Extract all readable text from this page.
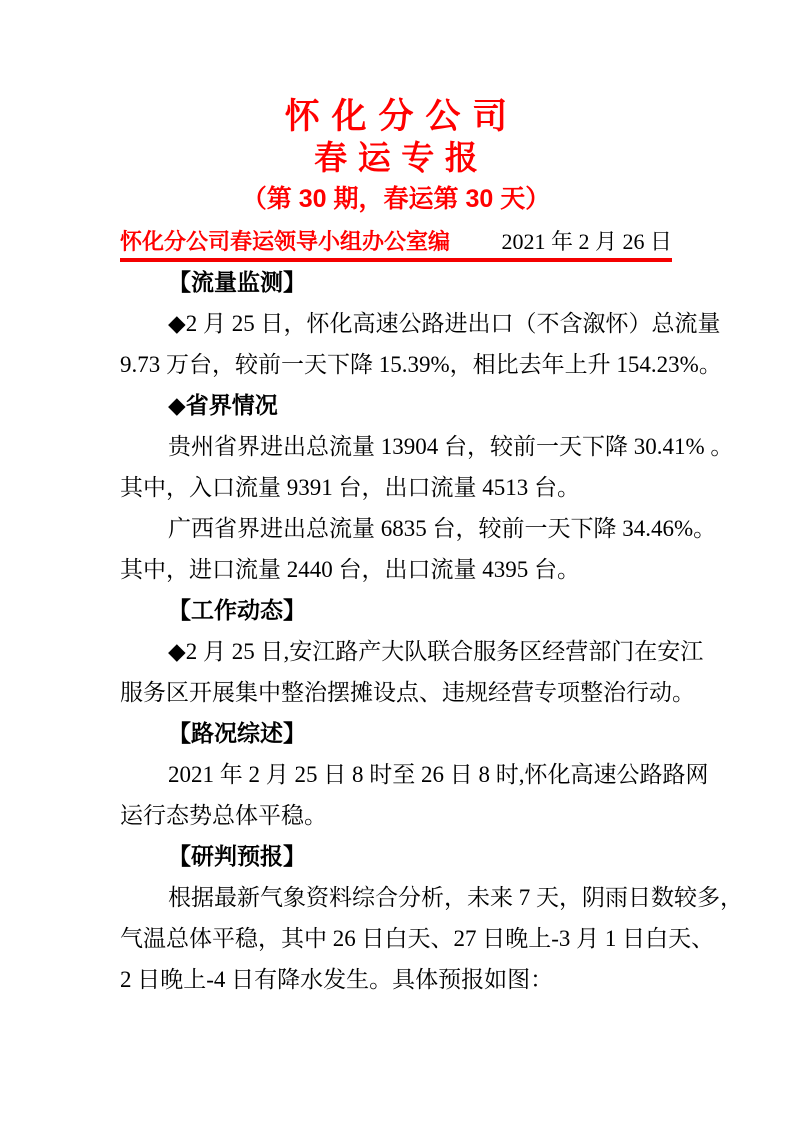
怀化分公司
春运专报
（第 30 期，春运第 30 天）
怀化分公司春运领导小组办公室编 2021 年 2 月 26 日
【流量监测】
◆2 月 25 日，怀化高速公路进出口（不含溆怀）总流量
9.73 万台，较前一天下降 15.39%，相比去年上升 154.23%。
◆省界情况
贵州省界进出总流量 13904 台，较前一天下降 30.41% 。
其中，入口流量 9391 台，出口流量 4513 台。
广西省界进出总流量 6835 台，较前一天下降 34.46%。
其中，进口流量 2440 台，出口流量 4395 台。
【工作动态】
◆2 月 25 日,安江路产大队联合服务区经营部门在安江
服务区开展集中整治摆摊设点、违规经营专项整治行动。
【路况综述】
2021 年 2 月 25 日 8 时至 26 日 8 时,怀化高速公路路网
运行态势总体平稳。
【研判预报】
根据最新气象资料综合分析，未来 7 天，阴雨日数较多，
气温总体平稳，其中 26 日白天、27 日晚上-3 月 1 日白天、
2 日晚上-4 日有降水发生。具体预报如图：
